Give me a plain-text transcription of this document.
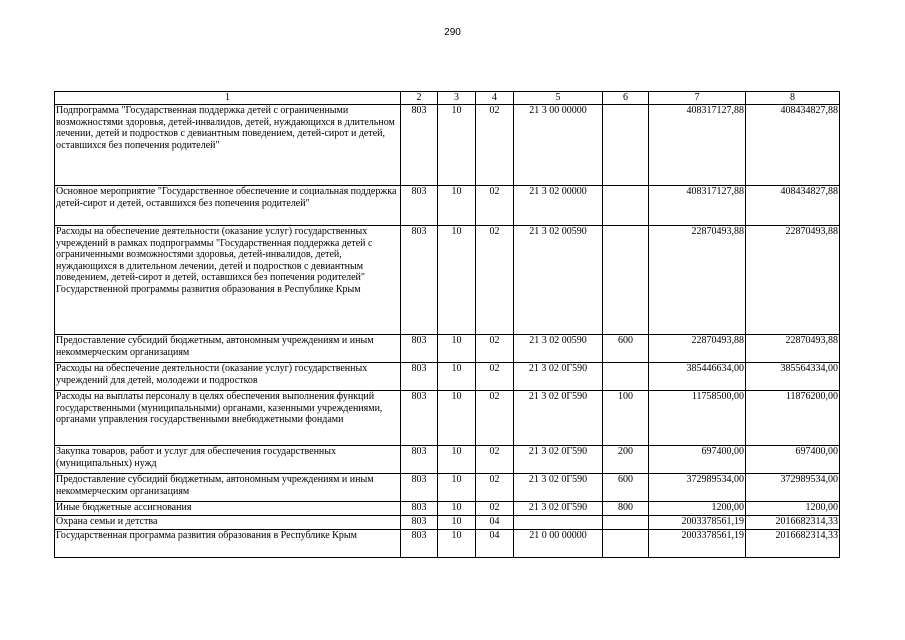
290
1	2	3	4	5	6	7	8
Подпрограмма "Государственная поддержка детей с ограниченными возможностями здоровья, детей-инвалидов, детей, нуждающихся в длительном лечении, детей и подростков с девиантным поведением, детей-сирот и детей, оставшихся без попечения родителей"	803	10	02	21 3 00 00000		408317127,88	408434827,88
Основное мероприятие "Государственное обеспечение и социальная поддержка детей-сирот и детей, оставшихся без попечения родителей"	803	10	02	21 3 02 00000		408317127,88	408434827,88
Расходы на обеспечение деятельности (оказание услуг) государственных учреждений в рамках подпрограммы "Государственная поддержка детей с ограниченными возможностями здоровья, детей-инвалидов, детей, нуждающихся в длительном лечении, детей и подростков с девиантным поведением, детей-сирот и детей, оставшихся без попечения родителей" Государственной программы развития образования в Республике Крым	803	10	02	21 3 02 00590		22870493,88	22870493,88
Предоставление субсидий бюджетным, автономным учреждениям и иным некоммерческим организациям	803	10	02	21 3 02 00590	600	22870493,88	22870493,88
Расходы на обеспечение деятельности (оказание услуг) государственных учреждений для детей, молодежи и подростков	803	10	02	21 3 02 0Г590		385446634,00	385564334,00
Расходы на выплаты персоналу в целях обеспечения выполнения функций государственными (муниципальными) органами, казенными учреждениями, органами управления государственными внебюджетными фондами	803	10	02	21 3 02 0Г590	100	11758500,00	11876200,00
Закупка товаров, работ и услуг для обеспечения государственных (муниципальных) нужд	803	10	02	21 3 02 0Г590	200	697400,00	697400,00
Предоставление субсидий бюджетным, автономным учреждениям и иным некоммерческим организациям	803	10	02	21 3 02 0Г590	600	372989534,00	372989534,00
Иные бюджетные ассигнования	803	10	02	21 3 02 0Г590	800	1200,00	1200,00
Охрана семьи и детства	803	10	04			2003378561,19	2016682314,33
Государственная программа развития образования в Республике Крым	803	10	04	21 0 00 00000		2003378561,19	2016682314,33
